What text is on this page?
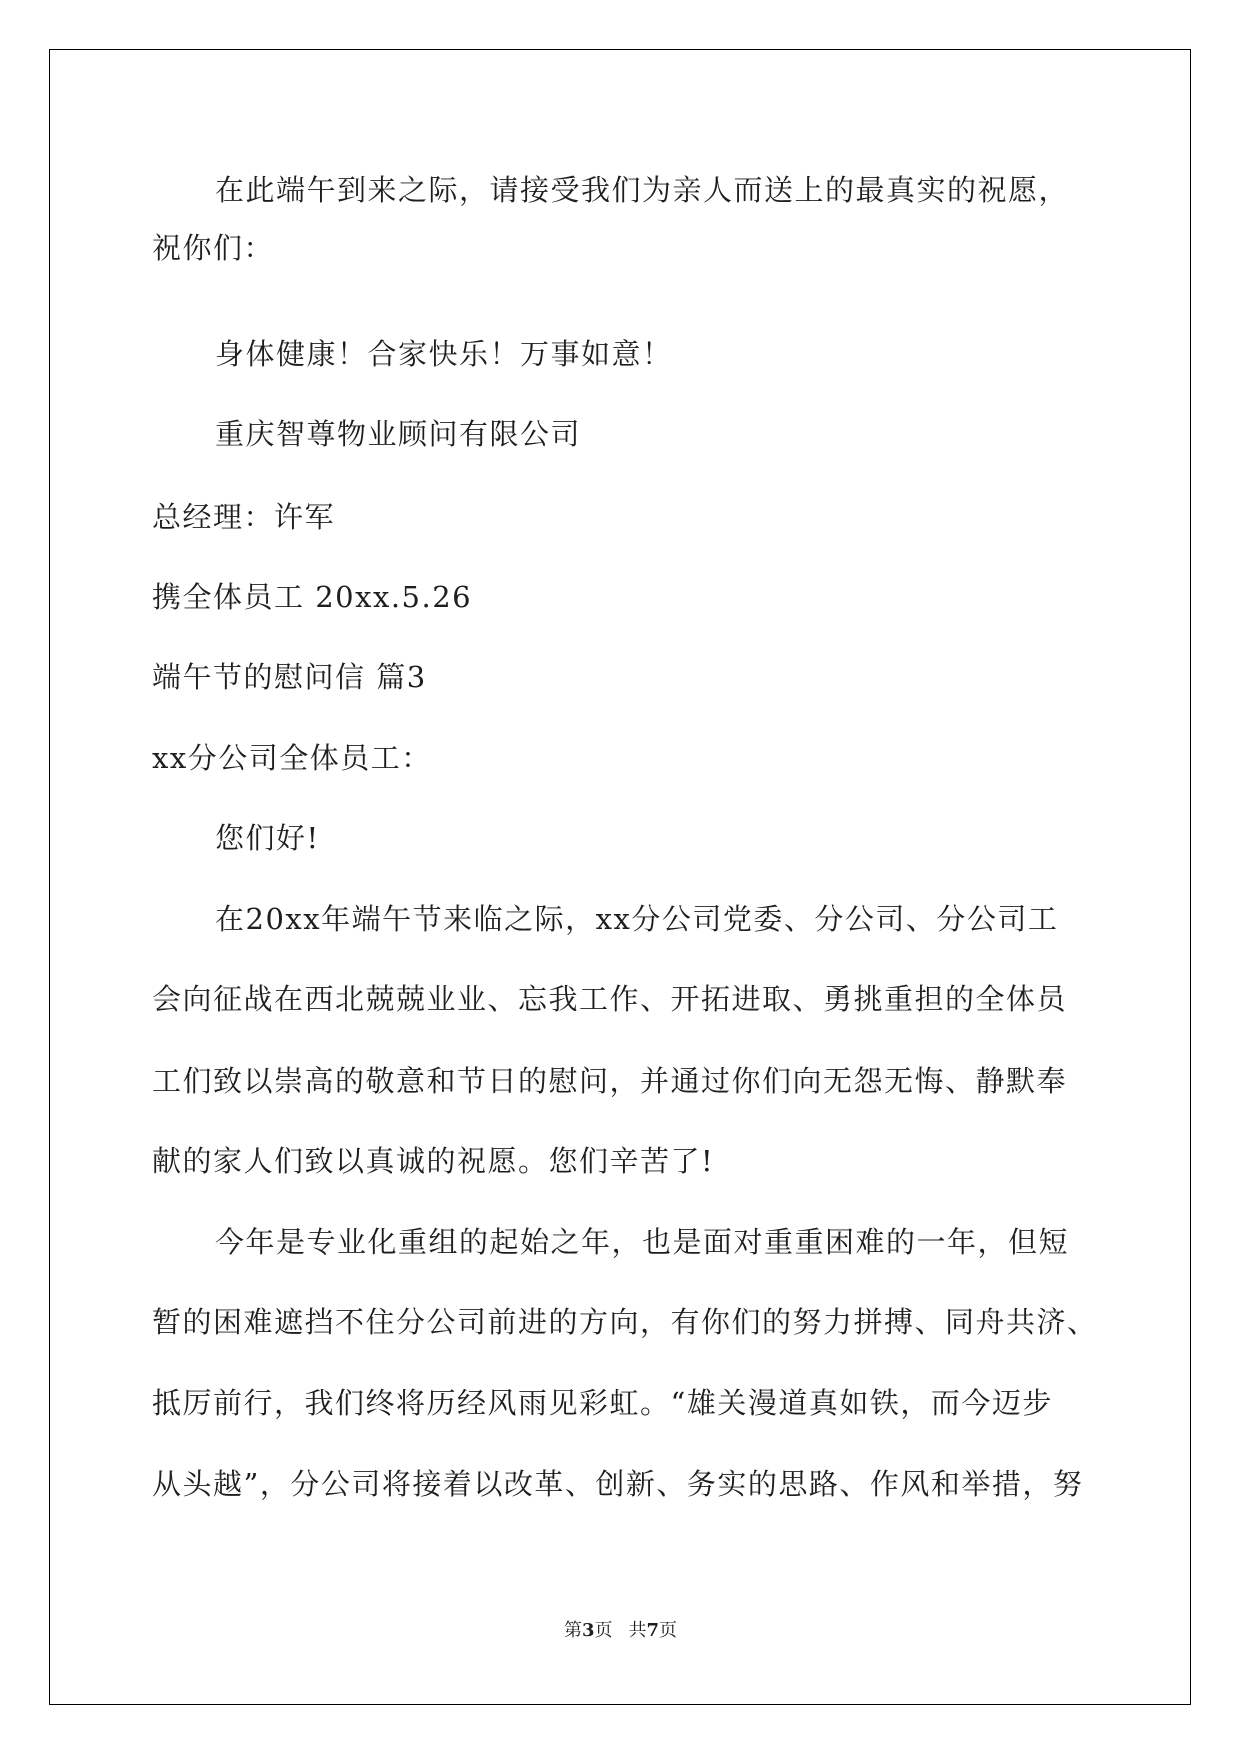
在此端午到来之际，请接受我们为亲人而送上的最真实的祝愿，

祝你们：

身体健康！合家快乐！万事如意！

重庆智尊物业顾问有限公司

总经理：许军

携全体员工 20xx.5.26

端午节的慰问信 篇3

xx分公司全体员工：

您们好!

在20xx年端午节来临之际，xx分公司党委、分公司、分公司工

会向征战在西北兢兢业业、忘我工作、开拓进取、勇挑重担的全体员

工们致以崇高的敬意和节日的慰问，并通过你们向无怨无悔、静默奉

献的家人们致以真诚的祝愿。您们辛苦了!

今年是专业化重组的起始之年，也是面对重重困难的一年，但短

暂的困难遮挡不住分公司前进的方向，有你们的努力拼搏、同舟共济、

抵厉前行，我们终将历经风雨见彩虹。“雄关漫道真如铁，而今迈步

从头越”，分公司将接着以改革、创新、务实的思路、作风和举措，努

第3页 共7页
